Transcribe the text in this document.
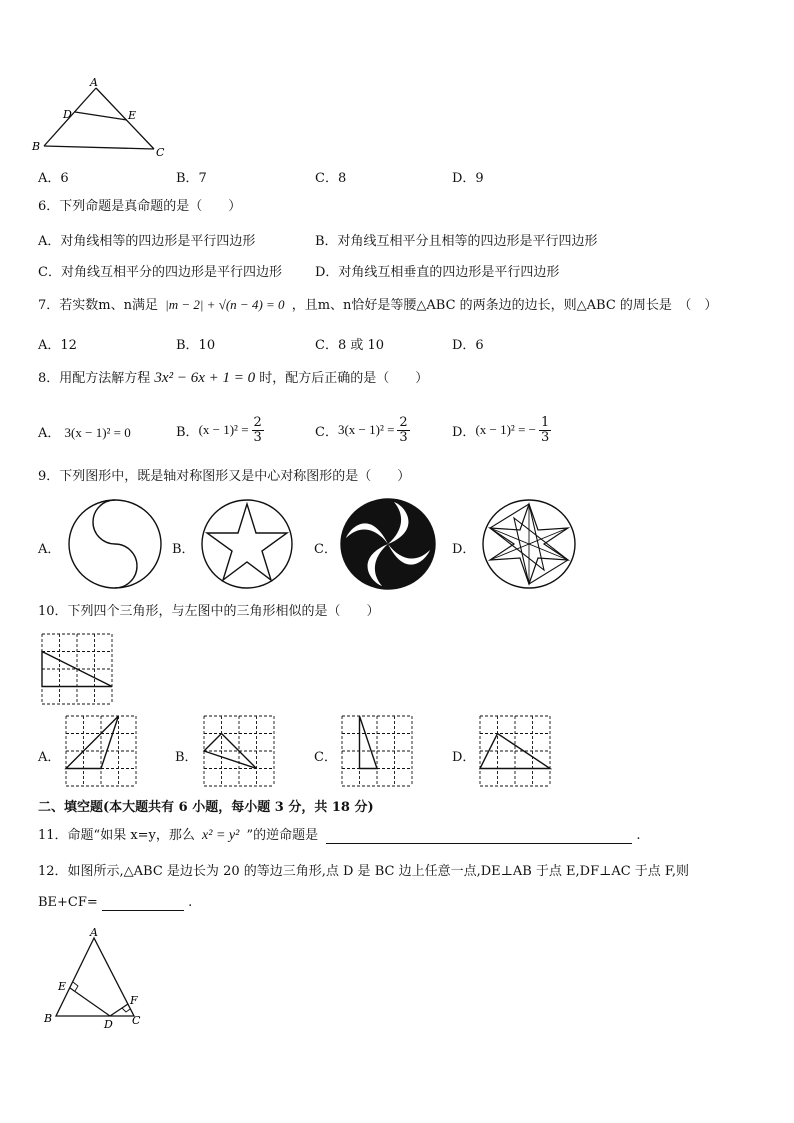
A
D	E
B	C
A．6	B．7	C．8	D．9
6．下列命题是真命题的是（　　）
A．对角线相等的四边形是平行四边形	B．对角线互相平分且相等的四边形是平行四边形
C．对角线互相平分的四边形是平行四边形	D．对角线互相垂直的四边形是平行四边形
7．若实数m、n满足 |m − 2| + √(n − 4) = 0 ，且m、n恰好是等腰△ABC 的两条边的边长，则△ABC 的周长是　（　）
A．12	B．10	C．8 或 10	D．6
8．用配方法解方程 3x² − 6x + 1 = 0 时，配方后正确的是（　　）
A． 3(x − 1)² = 0	B． $(x - 1)^2 = \frac{2}{3}$	C． $3(x - 1)^2 = \frac{2}{3}$	D． (x − 1)² = − $\frac{1}{3}$
9．下列图形中，既是轴对称图形又是中心对称图形的是（　　）
A．	B．	C．	D．
10．下列四个三角形，与左图中的三角形相似的是（　　）
A．	B．	C．	D．
二、填空题(本大题共有 6 小题，每小题 3 分，共 18 分)
11．命题“如果 x=y，那么 x² = y² ”的逆命题是	.
12．如图所示,△ABC 是边长为 20 的等边三角形,点 D 是 BC 边上任意一点,DE⊥AB 于点 E,DF⊥AC 于点 F,则
BE+CF=	.
A
E
F
B	D C
